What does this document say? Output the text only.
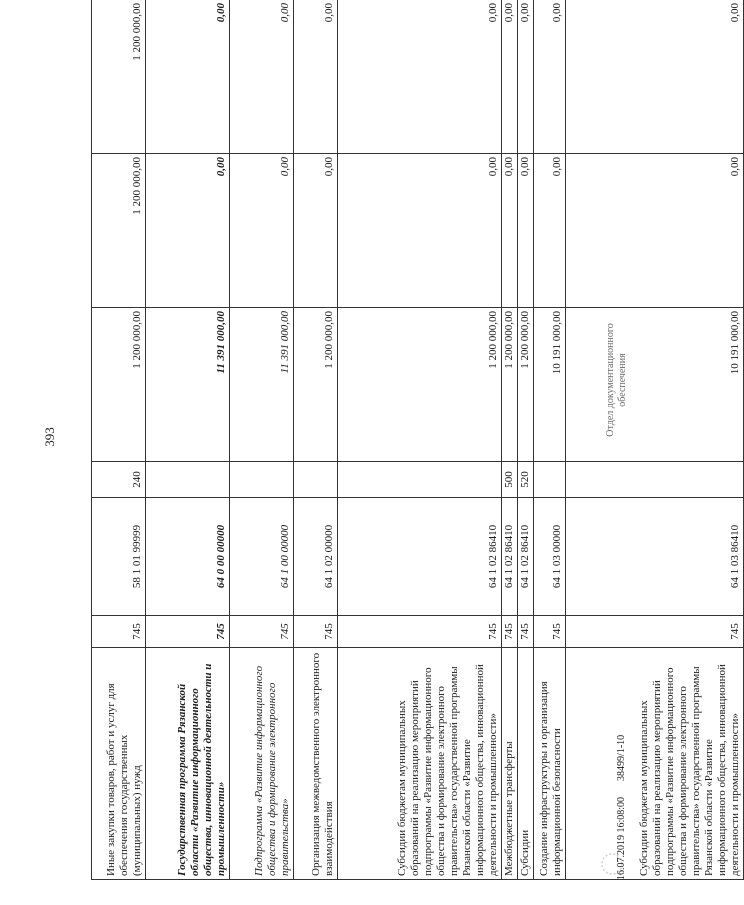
393
Иные закупки товаров, работ и услуг для обеспечения государственных (муниципальных) нужд	745	58 1 01 99999	240	1 200 000,00	1 200 000,00	1 200 000,00
Государственная программа Рязанской области «Развитие информационного общества, инновационной деятельности и промышленности»	745	64 0 00 00000		11 391 000,00	0,00	0,00
Подпрограмма «Развитие информационного общества и формирование электронного правительства»	745	64 1 00 00000		11 391 000,00	0,00	0,00
Организация межведомственного электронного взаимодействия	745	64 1 02 00000		1 200 000,00	0,00	0,00
Субсидии бюджетам муниципальных образований на реализацию мероприятий подпрограммы «Развитие информационного общества и формирование электронного правительства» государственной программы Рязанской области «Развитие информационного общества, инновационной деятельности и промышленности»	745	64 1 02 86410		1 200 000,00	0,00	0,00
Межбюджетные трансферты	745	64 1 02 86410	500	1 200 000,00	0,00	0,00
Субсидии	745	64 1 02 86410	520	1 200 000,00	0,00	0,00
Создание инфраструктуры и организация информационной безопасности	745	64 1 03 00000		10 191 000,00	0,00	0,00
Субсидии бюджетам муниципальных образований на реализацию мероприятий подпрограммы «Развитие информационного общества и формирование электронного правительства» государственной программы Рязанской области «Развитие информационного общества, инновационной деятельности и промышленности»	745	64 1 03 86410		10 191 000,00	0,00	0,00
Отдел документационного обеспечения
16.07.2019 16:08:0038499/1-10
